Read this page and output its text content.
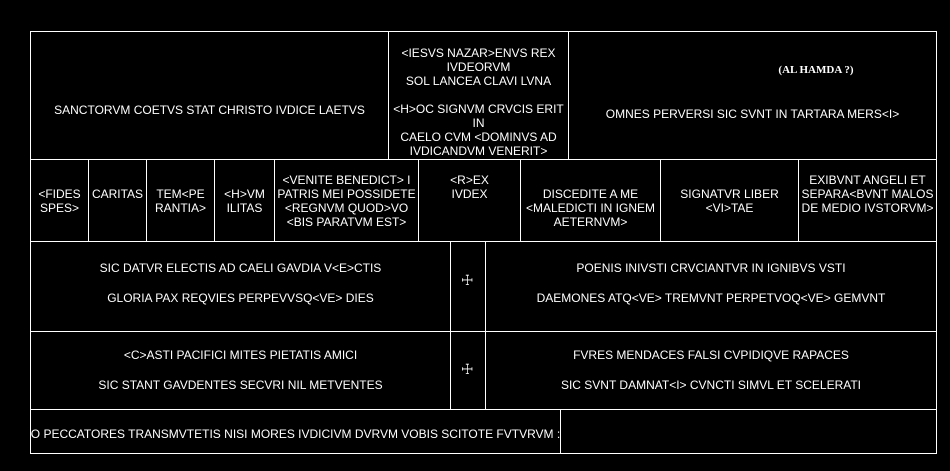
SANCTORVM COETVS STAT CHRISTO IVDICE LAETVS
<IESVS NAZAR>ENVS REX
IVDEORVM
SOL LANCEA CLAVI LVNA

<H>OC SIGNVM CRVCIS ERIT IN
CAELO CVM <DOMINVS AD
IVDICANDVM VENERIT>
(AL HAMDA ?)
OMNES PERVERSI SIC SVNT IN TARTARA MERS<I>
<FIDES
SPES>
CARITAS	TEM<PE
RANTIA>
<H>VM
ILITAS
<VENITE BENEDICT> I
PATRIS MEI POSSIDETE
<REGNVM QUOD>VO
<BIS PARATVM EST>
<R>EX
IVDEX	DISCEDITE A ME
<MALEDICTI IN IGNEM
AETERNVM>
SIGNATVR LIBER
<VI>TAE
EXIBVNT ANGELI ET
SEPARA<BVNT MALOS
DE MEDIO IVSTORVM>
SIC DATVR ELECTIS AD CAELI GAVDIA V<E>CTIS
GLORIA PAX REQVIES PERPEVVSQ<VE> DIES
☩
POENIS INIVSTI CRVCIANTVR IN IGNIBVS VSTI
DAEMONES ATQ<VE> TREMVNT PERPETVOQ<VE> GEMVNT
<C>ASTI PACIFICI MITES PIETATIS AMICI
SIC STANT GAVDENTES SECVRI NIL METVENTES
☩
FVRES MENDACES FALSI CVPIDIQVE RAPACES
SIC SVNT DAMNAT<I> CVNCTI SIMVL ET SCELERATI
O PECCATORES TRANSMVTETIS NISI MORES IVDICIVM DVRVM VOBIS SCITOTE FVTVRVM :
